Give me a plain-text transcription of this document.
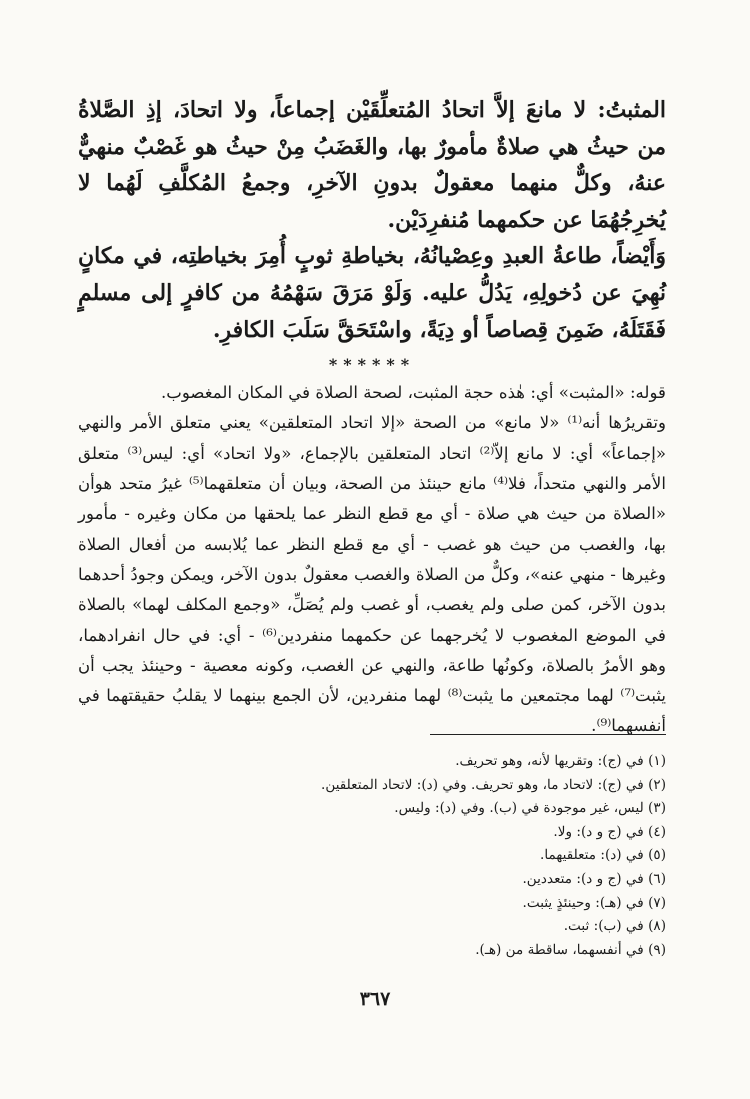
المثبتُ: لا مانعَ إلاَّ اتحادُ المُتعلِّقَيْن إجماعاً، ولا اتحادَ، إذِ الصَّلاةُ من حيثُ هي صلاةٌ مأمورٌ بها، والغَضَبُ مِنْ حيثُ هو غَصْبٌ منهيٌّ عنهُ، وكلٌّ منهما معقولٌ بدونِ الآخرِ، وجمعُ المُكلَّفِ لَهُما لا يُخرِجُهُمَا عن حكمهما مُنفرِدَيْن.

وَأَيْضاً، طاعةُ العبدِ وعِصْيانُهُ، بخياطةِ ثوبٍ أُمِرَ بخياطتِه، في مكانٍ نُهِيَ عن دُخولِهِ، يَدُلُّ عليه. وَلَوْ مَرَقَ سَهْمُهُ من كافرٍ إلى مسلمٍ فَقَتَلَهُ، ضَمِنَ قِصاصاً أو دِيَةً، واسْتَحَقَّ سَلَبَ الكافرِ.

******

قوله: «المثبت» أي: هٰذه حجة المثبت، لصحة الصلاة في المكان المغصوب.

وتقريرُها أنه⁽¹⁾ «لا مانع» من الصحة «إلا اتحاد المتعلقين» يعني متعلق الأمر والنهي «إجماعاً» أي: لا مانع إلاّ⁽²⁾ اتحاد المتعلقين بالإجماع، «ولا اتحاد» أي: ليس⁽³⁾ متعلق الأمر والنهي متحداً، فلا⁽⁴⁾ مانع حينئذ من الصحة، وبيان أن متعلقهما⁽⁵⁾ غيرُ متحد هوأن «الصلاة من حيث هي صلاة - أي مع قطع النظر عما يلحقها من مكان وغيره - مأمور بها، والغصب من حيث هو غصب - أي مع قطع النظر عما يُلابسه من أفعال الصلاة وغيرها - منهي عنه»، وكلٌّ من الصلاة والغصب معقولٌ بدون الآخر، ويمكن وجودُ أحدهما بدون الآخر، كمن صلى ولم يغصب، أو غصب ولم يُصَلِّ، «وجمع المكلف لهما» بالصلاة في الموضع المغصوب لا يُخرجهما عن حكمهما منفردين⁽⁶⁾ - أي: في حال انفرادهما، وهو الأمرُ بالصلاة، وكونُها طاعة، والنهي عن الغصب، وكونه معصية - وحينئذ يجب أن يثبت⁽⁷⁾ لهما مجتمعين ما يثبت⁽⁸⁾ لهما منفردين، لأن الجمع بينهما لا يقلبُ حقيقتهما في أنفسهما⁽⁹⁾.

(١) في (ج): وتقريها لأنه، وهو تحريف.

(٢) في (ج): لاتحاد ما، وهو تحريف. وفي (د): لاتحاد المتعلقين.

(٣) ليس، غير موجودة في (ب). وفي (د): وليس.

(٤) في (ج و د): ولا.

(٥) في (د): متعلقيهما.

(٦) في (ج و د): متعددين.

(٧) في (هـ): وحينئذٍ يثبت.

(٨) في (ب): ثبت.

(٩) في أنفسهما، ساقطة من (هـ).

٣٦٧
